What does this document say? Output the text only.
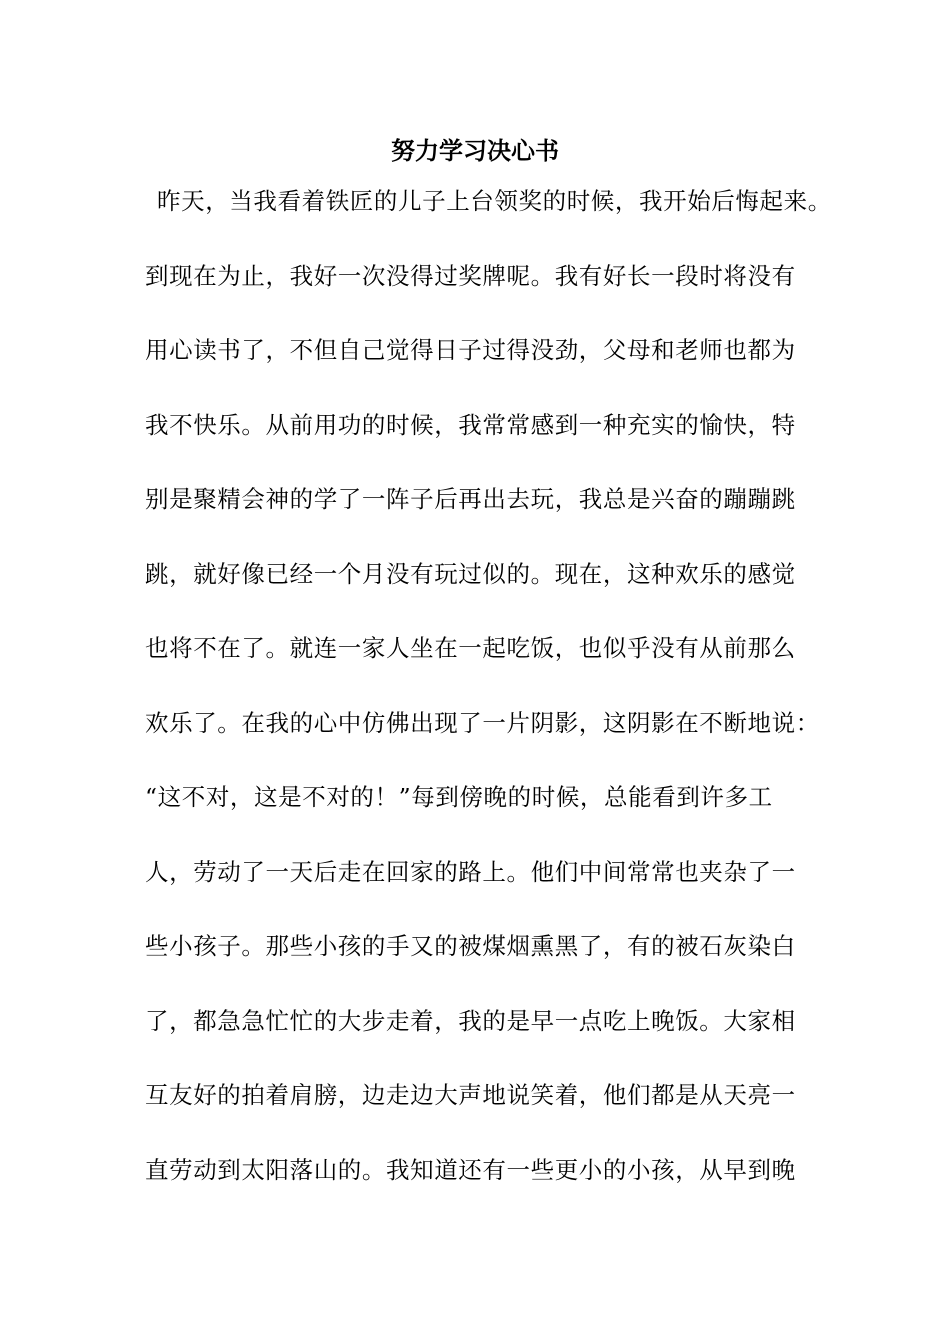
努力学习决心书
昨天，当我看着铁匠的儿子上台领奖的时候，我开始后悔起来。
到现在为止，我好一次没得过奖牌呢。我有好长一段时将没有
用心读书了，不但自己觉得日子过得没劲，父母和老师也都为
我不快乐。从前用功的时候，我常常感到一种充实的愉快，特
别是聚精会神的学了一阵子后再出去玩，我总是兴奋的蹦蹦跳
跳，就好像已经一个月没有玩过似的。现在，这种欢乐的感觉
也将不在了。就连一家人坐在一起吃饭，也似乎没有从前那么
欢乐了。在我的心中仿佛出现了一片阴影，这阴影在不断地说：
“这不对，这是不对的！”每到傍晚的时候，总能看到许多工
人，劳动了一天后走在回家的路上。他们中间常常也夹杂了一
些小孩子。那些小孩的手又的被煤烟熏黑了，有的被石灰染白
了，都急急忙忙的大步走着，我的是早一点吃上晚饭。大家相
互友好的拍着肩膀，边走边大声地说笑着，他们都是从天亮一
直劳动到太阳落山的。我知道还有一些更小的小孩，从早到晚
